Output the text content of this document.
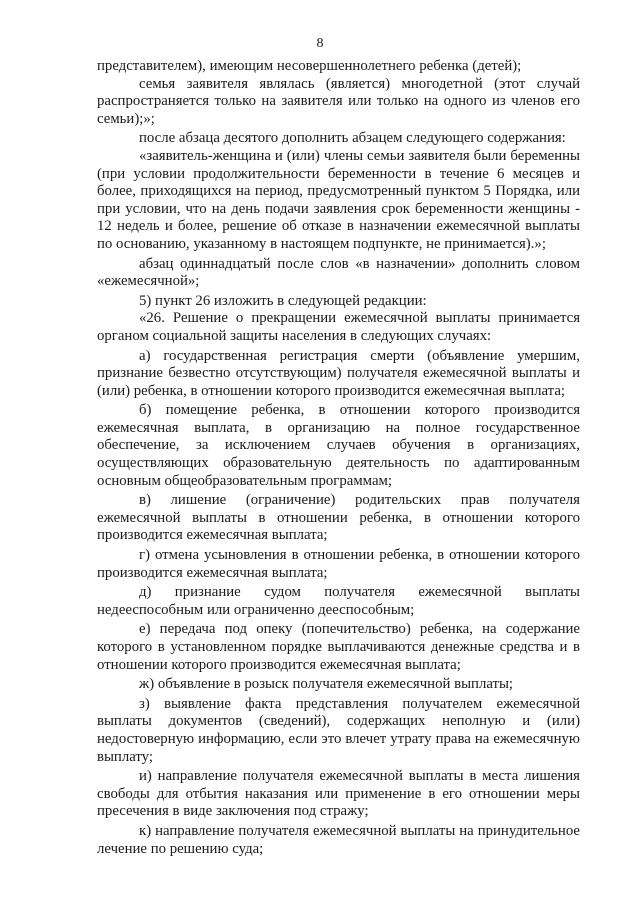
8

представителем), имеющим несовершеннолетнего ребенка (детей);

семья заявителя являлась (является) многодетной (этот случай распространяется только на заявителя или только на одного из членов его семьи);»;

после абзаца десятого дополнить абзацем следующего содержания:

«заявитель-женщина и (или) члены семьи заявителя были беременны (при условии продолжительности беременности в течение 6 месяцев и более, приходящихся на период, предусмотренный пунктом 5 Порядка, или при условии, что на день подачи заявления срок беременности женщины - 12 недель и более, решение об отказе в назначении ежемесячной выплаты по основанию, указанному в настоящем подпункте, не принимается).»;

абзац одиннадцатый после слов «в назначении» дополнить словом «ежемесячной»;

5) пункт 26 изложить в следующей редакции:

«26. Решение о прекращении ежемесячной выплаты принимается органом социальной защиты населения в следующих случаях:

а) государственная регистрация смерти (объявление умершим, признание безвестно отсутствующим) получателя ежемесячной выплаты и (или) ребенка, в отношении которого производится ежемесячная выплата;

б) помещение ребенка, в отношении которого производится ежемесячная выплата, в организацию на полное государственное обеспечение, за исключением случаев обучения в организациях, осуществляющих образовательную деятельность по адаптированным основным общеобразовательным программам;

в) лишение (ограничение) родительских прав получателя ежемесячной выплаты в отношении ребенка, в отношении которого производится ежемесячная выплата;

г) отмена усыновления в отношении ребенка, в отношении которого производится ежемесячная выплата;

д) признание судом получателя ежемесячной выплаты недееспособным или ограниченно дееспособным;

е) передача под опеку (попечительство) ребенка, на содержание которого в установленном порядке выплачиваются денежные средства и в отношении которого производится ежемесячная выплата;

ж) объявление в розыск получателя ежемесячной выплаты;

з) выявление факта представления получателем ежемесячной выплаты документов (сведений), содержащих неполную и (или) недостоверную информацию, если это влечет утрату права на ежемесячную выплату;

и) направление получателя ежемесячной выплаты в места лишения свободы для отбытия наказания или применение в его отношении меры пресечения в виде заключения под стражу;

к) направление получателя ежемесячной выплаты на принудительное лечение по решению суда;
